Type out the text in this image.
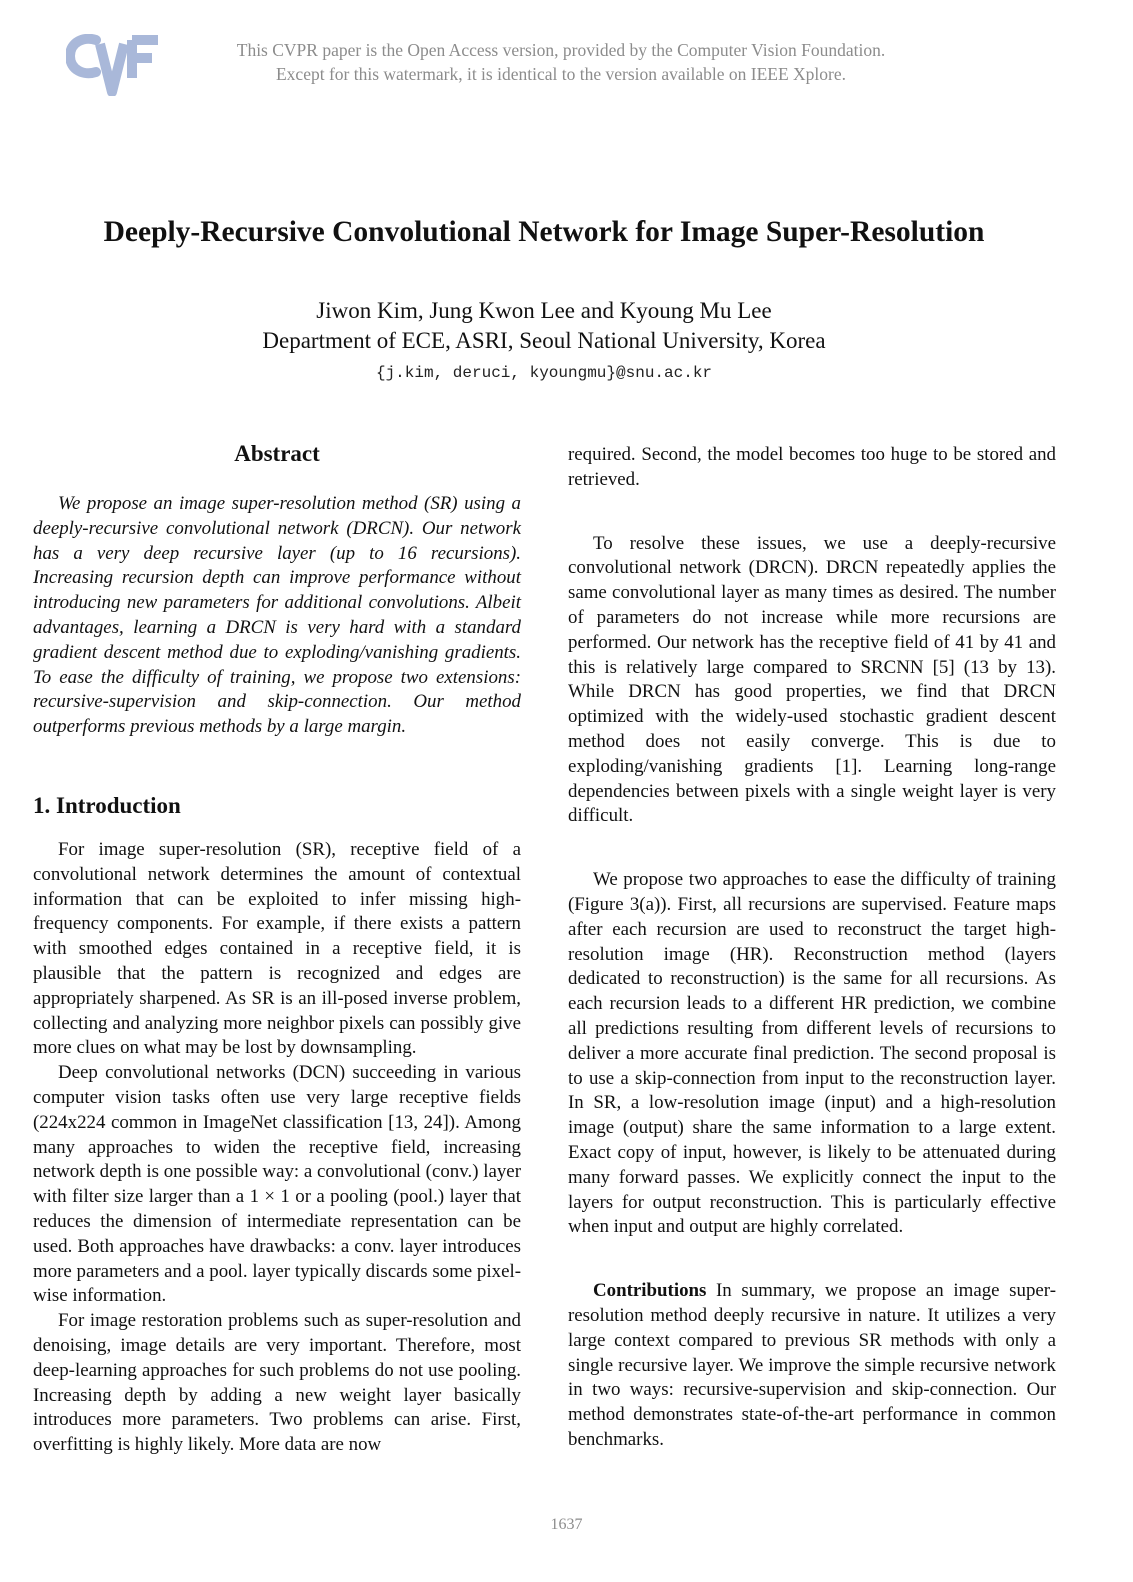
CVF
This CVPR paper is the Open Access version, provided by the Computer Vision Foundation.
Except for this watermark, it is identical to the version available on IEEE Xplore.
Deeply-Recursive Convolutional Network for Image Super-Resolution
Jiwon Kim, Jung Kwon Lee and Kyoung Mu Lee
Department of ECE, ASRI, Seoul National University, Korea
{j.kim, deruci, kyoungmu}@snu.ac.kr
Abstract

We propose an image super-resolution method (SR) using a deeply-recursive convolutional network (DRCN). Our network has a very deep recursive layer (up to 16 recursions). Increasing recursion depth can improve performance without introducing new parameters for additional convolutions. Albeit advantages, learning a DRCN is very hard with a standard gradient descent method due to exploding/vanishing gradients. To ease the difficulty of training, we propose two extensions: recursive-supervision and skip-connection. Our method outperforms previous methods by a large margin.

1. Introduction

For image super-resolution (SR), receptive field of a convolutional network determines the amount of contextual information that can be exploited to infer missing high-frequency components. For example, if there exists a pattern with smoothed edges contained in a receptive field, it is plausible that the pattern is recognized and edges are appropriately sharpened. As SR is an ill-posed inverse problem, collecting and analyzing more neighbor pixels can possibly give more clues on what may be lost by downsampling.

Deep convolutional networks (DCN) succeeding in various computer vision tasks often use very large receptive fields (224x224 common in ImageNet classification [13, 24]). Among many approaches to widen the receptive field, increasing network depth is one possible way: a convolutional (conv.) layer with filter size larger than a 1 × 1 or a pooling (pool.) layer that reduces the dimension of intermediate representation can be used. Both approaches have drawbacks: a conv. layer introduces more parameters and a pool. layer typically discards some pixel-wise information.

For image restoration problems such as super-resolution and denoising, image details are very important. Therefore, most deep-learning approaches for such problems do not use pooling. Increasing depth by adding a new weight layer basically introduces more parameters. Two problems can arise. First, overfitting is highly likely. More data are now

required. Second, the model becomes too huge to be stored and retrieved.

To resolve these issues, we use a deeply-recursive convolutional network (DRCN). DRCN repeatedly applies the same convolutional layer as many times as desired. The number of parameters do not increase while more recursions are performed. Our network has the receptive field of 41 by 41 and this is relatively large compared to SRCNN [5] (13 by 13). While DRCN has good properties, we find that DRCN optimized with the widely-used stochastic gradient descent method does not easily converge. This is due to exploding/vanishing gradients [1]. Learning long-range dependencies between pixels with a single weight layer is very difficult.

We propose two approaches to ease the difficulty of training (Figure 3(a)). First, all recursions are supervised. Feature maps after each recursion are used to reconstruct the target high-resolution image (HR). Reconstruction method (layers dedicated to reconstruction) is the same for all recursions. As each recursion leads to a different HR prediction, we combine all predictions resulting from different levels of recursions to deliver a more accurate final prediction. The second proposal is to use a skip-connection from input to the reconstruction layer. In SR, a low-resolution image (input) and a high-resolution image (output) share the same information to a large extent. Exact copy of input, however, is likely to be attenuated during many forward passes. We explicitly connect the input to the layers for output reconstruction. This is particularly effective when input and output are highly correlated.

Contributions In summary, we propose an image super-resolution method deeply recursive in nature. It utilizes a very large context compared to previous SR methods with only a single recursive layer. We improve the simple recursive network in two ways: recursive-supervision and skip-connection. Our method demonstrates state-of-the-art performance in common benchmarks.

1637
